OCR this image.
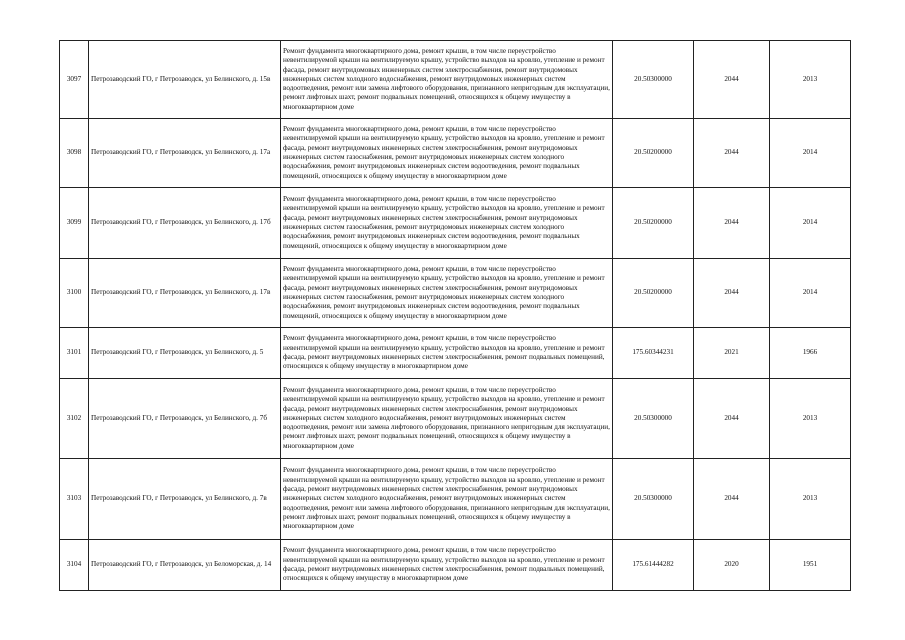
3097	Петрозаводский ГО, г Петрозаводск, ул Белинского, д. 15в	Ремонт фундамента многоквартирного дома, ремонт крыши, в том числе переустройство невентилируемой крыши на вентилируемую крышу, устройство выходов на кровлю, утепление и ремонт фасада, ремонт внутридомовых инженерных систем электроснабжения, ремонт внутридомовых инженерных систем холодного водоснабжения, ремонт внутридомовых инженерных систем водоотведения, ремонт или замена лифтового оборудования, признанного непригодным для эксплуатации, ремонт лифтовых шахт, ремонт подвальных помещений, относящихся к общему имуществу в многоквартирном доме	20.50300000	2044	2013
3098	Петрозаводский ГО, г Петрозаводск, ул Белинского, д. 17а	Ремонт фундамента многоквартирного дома, ремонт крыши, в том числе переустройство невентилируемой крыши на вентилируемую крышу, устройство выходов на кровлю, утепление и ремонт фасада, ремонт внутридомовых инженерных систем электроснабжения, ремонт внутридомовых инженерных систем газоснабжения, ремонт внутридомовых инженерных систем холодного водоснабжения, ремонт внутридомовых инженерных систем водоотведения, ремонт подвальных помещений, относящихся к общему имуществу в многоквартирном доме	20.50200000	2044	2014
3099	Петрозаводский ГО, г Петрозаводск, ул Белинского, д. 17б	Ремонт фундамента многоквартирного дома, ремонт крыши, в том числе переустройство невентилируемой крыши на вентилируемую крышу, устройство выходов на кровлю, утепление и ремонт фасада, ремонт внутридомовых инженерных систем электроснабжения, ремонт внутридомовых инженерных систем газоснабжения, ремонт внутридомовых инженерных систем холодного водоснабжения, ремонт внутридомовых инженерных систем водоотведения, ремонт подвальных помещений, относящихся к общему имуществу в многоквартирном доме	20.50200000	2044	2014
3100	Петрозаводский ГО, г Петрозаводск, ул Белинского, д. 17в	Ремонт фундамента многоквартирного дома, ремонт крыши, в том числе переустройство невентилируемой крыши на вентилируемую крышу, устройство выходов на кровлю, утепление и ремонт фасада, ремонт внутридомовых инженерных систем электроснабжения, ремонт внутридомовых инженерных систем газоснабжения, ремонт внутридомовых инженерных систем холодного водоснабжения, ремонт внутридомовых инженерных систем водоотведения, ремонт подвальных помещений, относящихся к общему имуществу в многоквартирном доме	20.50200000	2044	2014
3101	Петрозаводский ГО, г Петрозаводск, ул Белинского, д. 5	Ремонт фундамента многоквартирного дома, ремонт крыши, в том числе переустройство невентилируемой крыши на вентилируемую крышу, устройство выходов на кровлю, утепление и ремонт фасада, ремонт внутридомовых инженерных систем электроснабжения, ремонт подвальных помещений, относящихся к общему имуществу в многоквартирном доме	175.60344231	2021	1966
3102	Петрозаводский ГО, г Петрозаводск, ул Белинского, д. 7б	Ремонт фундамента многоквартирного дома, ремонт крыши, в том числе переустройство невентилируемой крыши на вентилируемую крышу, устройство выходов на кровлю, утепление и ремонт фасада, ремонт внутридомовых инженерных систем электроснабжения, ремонт внутридомовых инженерных систем холодного водоснабжения, ремонт внутридомовых инженерных систем водоотведения, ремонт или замена лифтового оборудования, признанного непригодным для эксплуатации, ремонт лифтовых шахт, ремонт подвальных помещений, относящихся к общему имуществу в многоквартирном доме	20.50300000	2044	2013
3103	Петрозаводский ГО, г Петрозаводск, ул Белинского, д. 7в	Ремонт фундамента многоквартирного дома, ремонт крыши, в том числе переустройство невентилируемой крыши на вентилируемую крышу, устройство выходов на кровлю, утепление и ремонт фасада, ремонт внутридомовых инженерных систем электроснабжения, ремонт внутридомовых инженерных систем холодного водоснабжения, ремонт внутридомовых инженерных систем водоотведения, ремонт или замена лифтового оборудования, признанного непригодным для эксплуатации, ремонт лифтовых шахт, ремонт подвальных помещений, относящихся к общему имуществу в многоквартирном доме	20.50300000	2044	2013
3104	Петрозаводский ГО, г Петрозаводск, ул Беломорская, д. 14	Ремонт фундамента многоквартирного дома, ремонт крыши, в том числе переустройство невентилируемой крыши на вентилируемую крышу, устройство выходов на кровлю, утепление и ремонт фасада, ремонт внутридомовых инженерных систем электроснабжения, ремонт подвальных помещений, относящихся к общему имуществу в многоквартирном доме	175.61444282	2020	1951
